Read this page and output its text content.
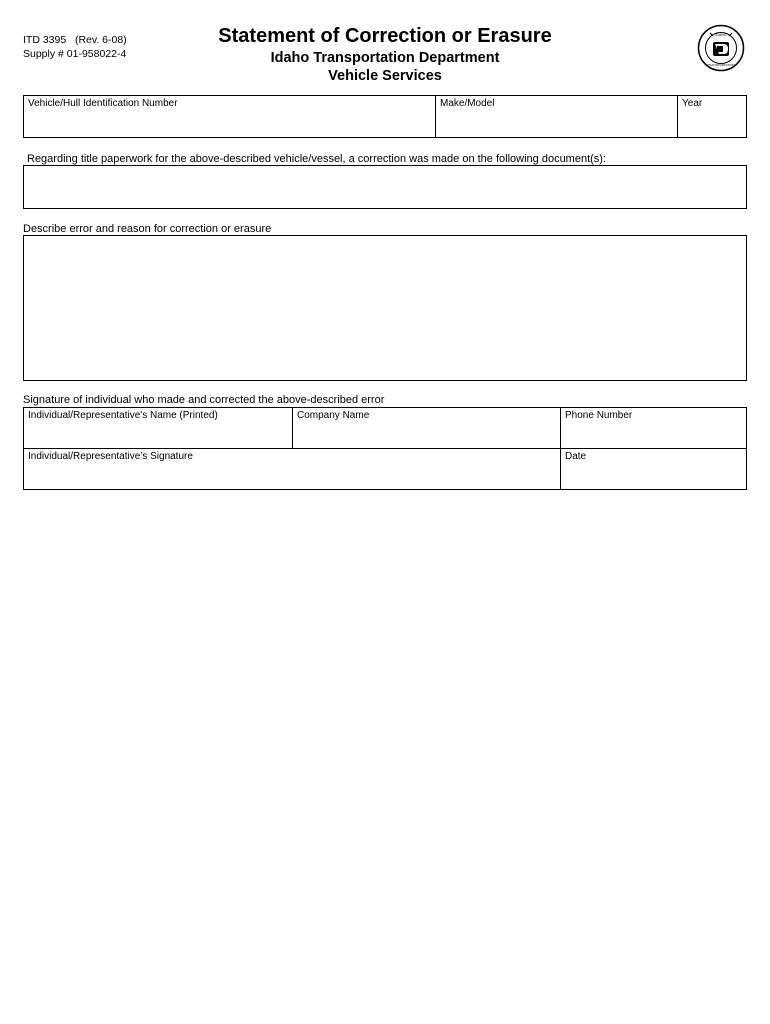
ITD 3395   (Rev. 6-08)
Supply # 01-958022-4
Statement of Correction or Erasure
Idaho Transportation Department
Vehicle Services
IDAHO
TRANSPORTATION
Vehicle/Hull Identification Number	Make/Model	Year
Regarding title paperwork for the above-described vehicle/vessel, a correction was made on the following document(s):
Describe error and reason for correction or erasure
Signature of individual who made and corrected the above-described error
Individual/Representative's Name (Printed)	Company Name	Phone Number
Individual/Representative’s Signature	Date
